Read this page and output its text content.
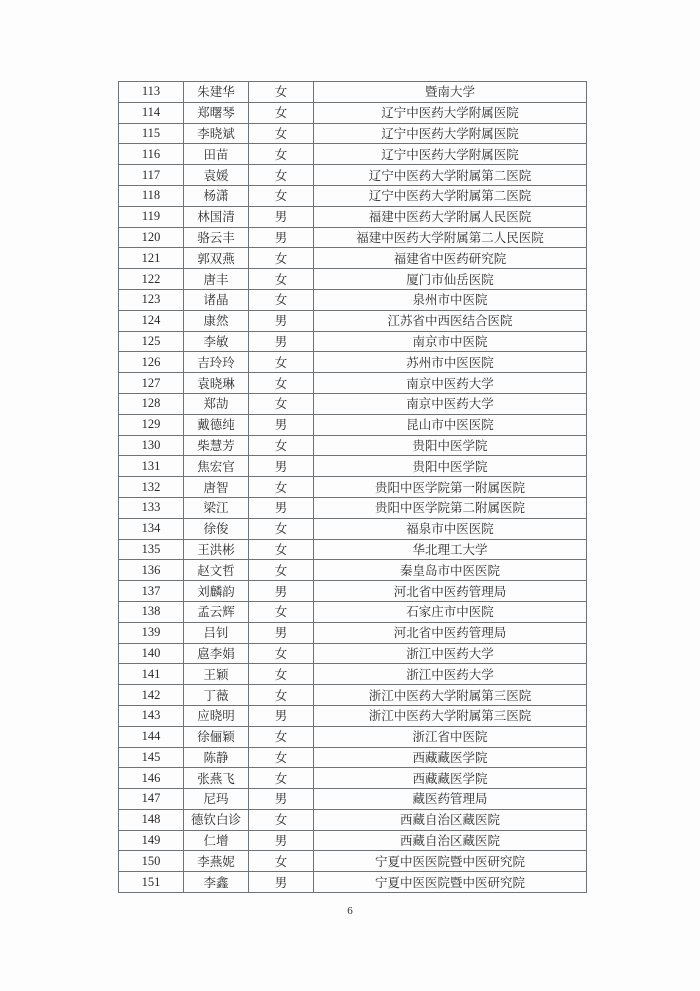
113	朱建华	女	暨南大学
114	郑曙琴	女	辽宁中医药大学附属医院
115	李晓斌	女	辽宁中医药大学附属医院
116	田苗	女	辽宁中医药大学附属医院
117	袁媛	女	辽宁中医药大学附属第二医院
118	杨潇	女	辽宁中医药大学附属第二医院
119	林国清	男	福建中医药大学附属人民医院
120	骆云丰	男	福建中医药大学附属第二人民医院
121	郭双燕	女	福建省中医药研究院
122	唐丰	女	厦门市仙岳医院
123	诸晶	女	泉州市中医院
124	康然	男	江苏省中西医结合医院
125	李敏	男	南京市中医院
126	吉玲玲	女	苏州市中医医院
127	袁晓琳	女	南京中医药大学
128	郑劼	女	南京中医药大学
129	戴德纯	男	昆山市中医医院
130	柴慧芳	女	贵阳中医学院
131	焦宏官	男	贵阳中医学院
132	唐智	女	贵阳中医学院第一附属医院
133	梁江	男	贵阳中医学院第二附属医院
134	徐俊	女	福泉市中医医院
135	王洪彬	女	华北理工大学
136	赵文哲	女	秦皇岛市中医医院
137	刘麟韵	男	河北省中医药管理局
138	孟云辉	女	石家庄市中医院
139	吕钊	男	河北省中医药管理局
140	扈李娟	女	浙江中医药大学
141	王颖	女	浙江中医药大学
142	丁薇	女	浙江中医药大学附属第三医院
143	应晓明	男	浙江中医药大学附属第三医院
144	徐俪颖	女	浙江省中医院
145	陈静	女	西藏藏医学院
146	张燕飞	女	西藏藏医学院
147	尼玛	男	藏医药管理局
148	德钦白诊	女	西藏自治区藏医院
149	仁增	男	西藏自治区藏医院
150	李燕妮	女	宁夏中医医院暨中医研究院
151	李鑫	男	宁夏中医医院暨中医研究院
6
